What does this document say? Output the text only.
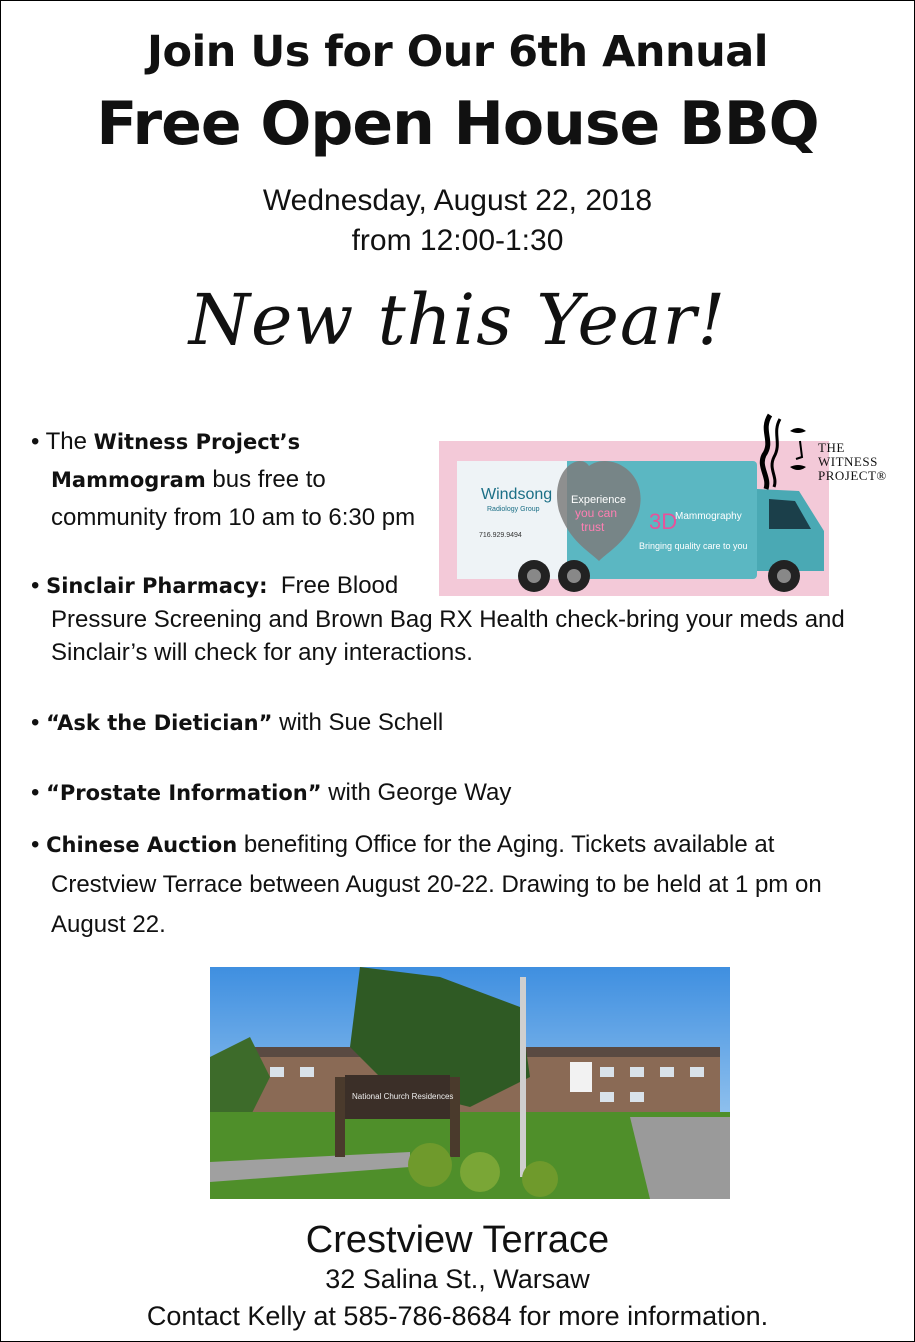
Join Us for Our 6th Annual
Free Open House BBQ
Wednesday, August 22, 2018
from 12:00-1:30
New this Year!
• The Witness Project’s
Mammogram bus free to
community from 10 am to 6:30 pm
Windsong
Radiology Group
716.929.9494
Experience
you can
trust 3D
Mammography
Bringing quality care to you
THE
WITNESS
PROJECT®
• Sinclair Pharmacy: Free Blood
Pressure Screening and Brown Bag RX Health check-bring your meds and
Sinclair’s will check for any interactions.
• “Ask the Dietician” with Sue Schell
• “Prostate Information” with George Way
• Chinese Auction benefiting Office for the Aging. Tickets available at
Crestview Terrace between August 20-22. Drawing to be held at 1 pm on
August 22.
National Church Residences
Crestview Terrace
32 Salina St., Warsaw
Contact Kelly at 585-786-8684 for more information.
